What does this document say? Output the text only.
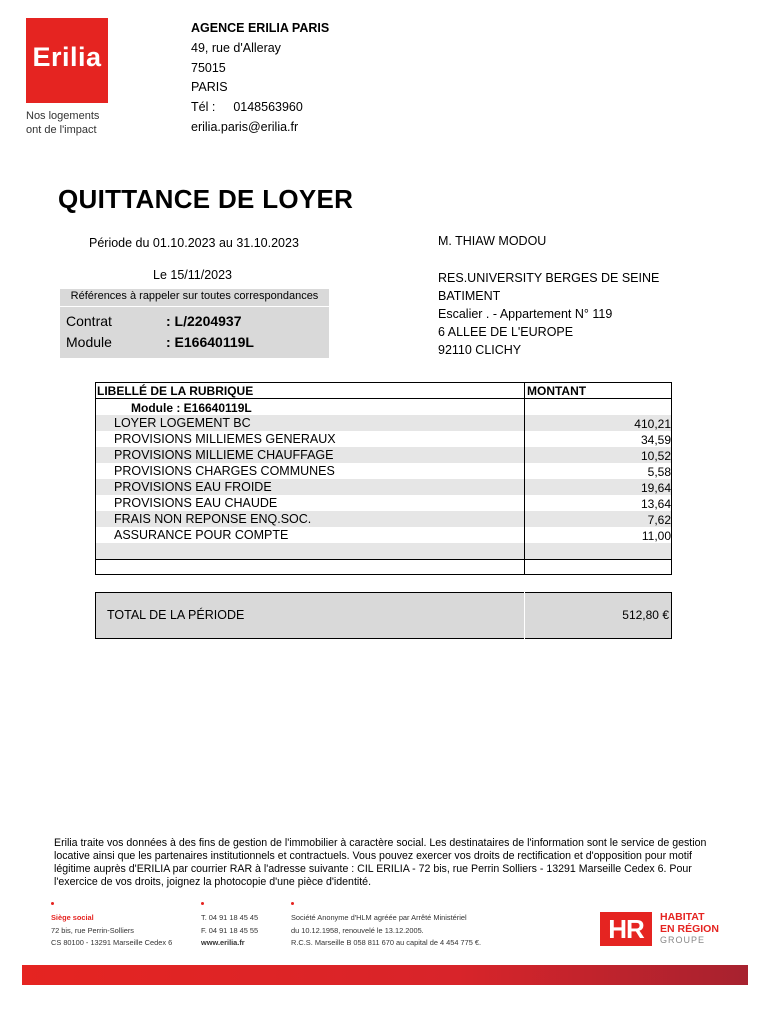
Erilia
Nos logements
ont de l'impact
AGENCE ERILIA PARIS
49, rue d'Alleray
75015
PARIS
Tél : 0148563960
erilia.paris@erilia.fr
QUITTANCE DE LOYER
Période du 01.10.2023 au 31.10.2023
Le 15/11/2023
Références à rappeler sur toutes correspondances
Contrat	: L/2204937
Module	: E16640119L
M. THIAW MODOU
RES.UNIVERSITY BERGES DE SEINE
BATIMENT
Escalier . - Appartement N° 119
6 ALLEE DE L'EUROPE
92110 CLICHY
LIBELLÉ DE LA RUBRIQUE	MONTANT
Module : E16640119L
LOYER LOGEMENT BC	410,21
PROVISIONS MILLIEMES GENERAUX	34,59
PROVISIONS MILLIEME CHAUFFAGE	10,52
PROVISIONS CHARGES COMMUNES	5,58
PROVISIONS EAU FROIDE	19,64
PROVISIONS EAU CHAUDE	13,64
FRAIS NON REPONSE ENQ.SOC.	7,62
ASSURANCE POUR COMPTE	11,00
TOTAL DE LA PÉRIODE	512,80 €
Erilia traite vos données à des fins de gestion de l'immobilier à caractère social. Les destinataires de l'information sont le service de gestion locative ainsi que les partenaires institutionnels et contractuels. Vous pouvez exercer vos droits de rectification et d'opposition pour motif légitime auprès d'ERILIA par courrier RAR à l'adresse suivante : CIL ERILIA - 72 bis, rue Perrin Solliers - 13291 Marseille Cedex 6. Pour l'exercice de vos droits, joignez la photocopie d'une pièce d'identité.
Siège social
72 bis, rue Perrin-Solliers
CS 80100 - 13291 Marseille Cedex 6
T. 04 91 18 45 45
F. 04 91 18 45 55
www.erilia.fr
Société Anonyme d'HLM agréée par Arrêté Ministériel
du 10.12.1958, renouvelé le 13.12.2005.
R.C.S. Marseille B 058 811 670 au capital de 4 454 775 €.	HR	HABITAT
EN RÉGION
GROUPE
